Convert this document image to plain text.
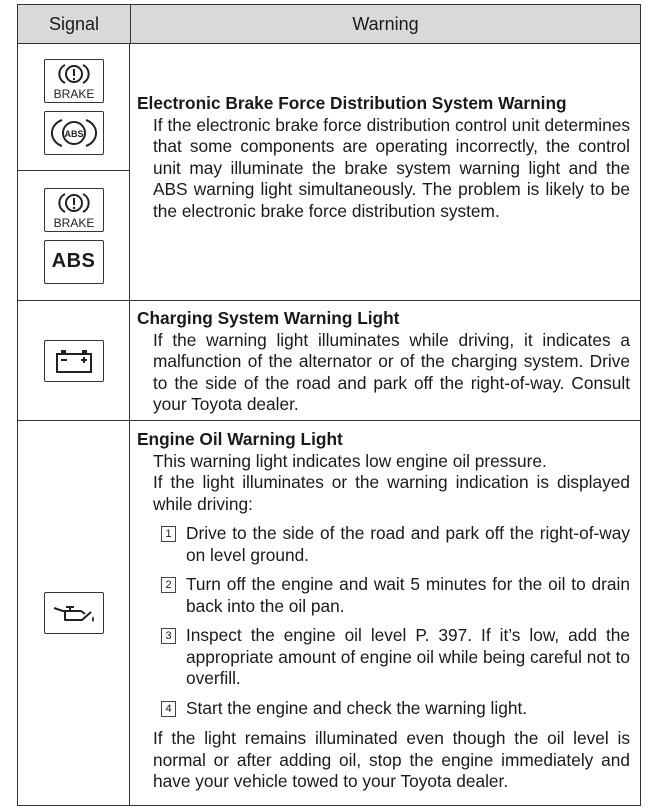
Signal	Warning
BRAKE
ABS
BRAKE
ABS
Electronic Brake Force Distribution System Warning
If the electronic brake force distribution control unit determines that some components are operating incorrectly, the control unit may illuminate the brake system warning light and the ABS warning light simultaneously. The problem is likely to be the electronic brake force distribution system.
Charging System Warning Light
If the warning light illuminates while driving, it indicates a malfunction of the alternator or of the charging system. Drive to the side of the road and park off the right-of-way. Consult your Toyota dealer.
Engine Oil Warning Light
This warning light indicates low engine oil pressure.
If the light illuminates or the warning indication is displayed while driving:
1 Drive to the side of the road and park off the right-of-way on level ground.
2 Turn off the engine and wait 5 minutes for the oil to drain back into the oil pan.
3 Inspect the engine oil level P. 397. If it’s low, add the appropriate amount of engine oil while being careful not to overfill.
4 Start the engine and check the warning light.
If the light remains illuminated even though the oil level is normal or after adding oil, stop the engine immediately and have your vehicle towed to your Toyota dealer.
